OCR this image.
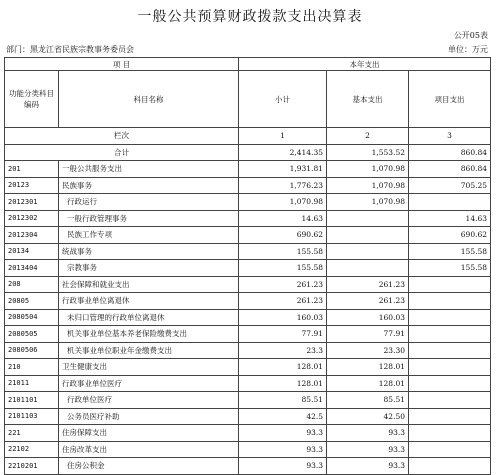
一般公共预算财政拨款支出决算表
公开05表
部门：黑龙江省民族宗教事务委员会	单位：万元
项 目		本年支出		
功能分类科目编码	科目名称	小计	基本支出	项目支出
栏次		1	2	3
合计		2,414.35	1,553.52	860.84
201	一般公共服务支出	1,931.81	1,070.98	860.84
20123	民族事务	1,776.23	1,070.98	705.25
2012301	行政运行	1,070.98	1,070.98	
2012302	一般行政管理事务	14.63		14.63
2012304	民族工作专项	690.62		690.62
20134	统战事务	155.58		155.58
2013404	宗教事务	155.58		155.58
208	社会保障和就业支出	261.23	261.23	
20805	行政事业单位离退休	261.23	261.23	
2080504	未归口管理的行政单位离退休	160.03	160.03	
2080505	机关事业单位基本养老保险缴费支出	77.91	77.91	
2080506	机关事业单位职业年金缴费支出	23.3	23.30	
210	卫生健康支出	128.01	128.01	
21011	行政事业单位医疗	128.01	128.01	
2101101	行政单位医疗	85.51	85.51	
2101103	公务员医疗补助	42.5	42.50	
221	住房保障支出	93.3	93.3	
22102	住房改革支出	93.3	93.3	
2210201	住房公积金	93.3	93.3	
